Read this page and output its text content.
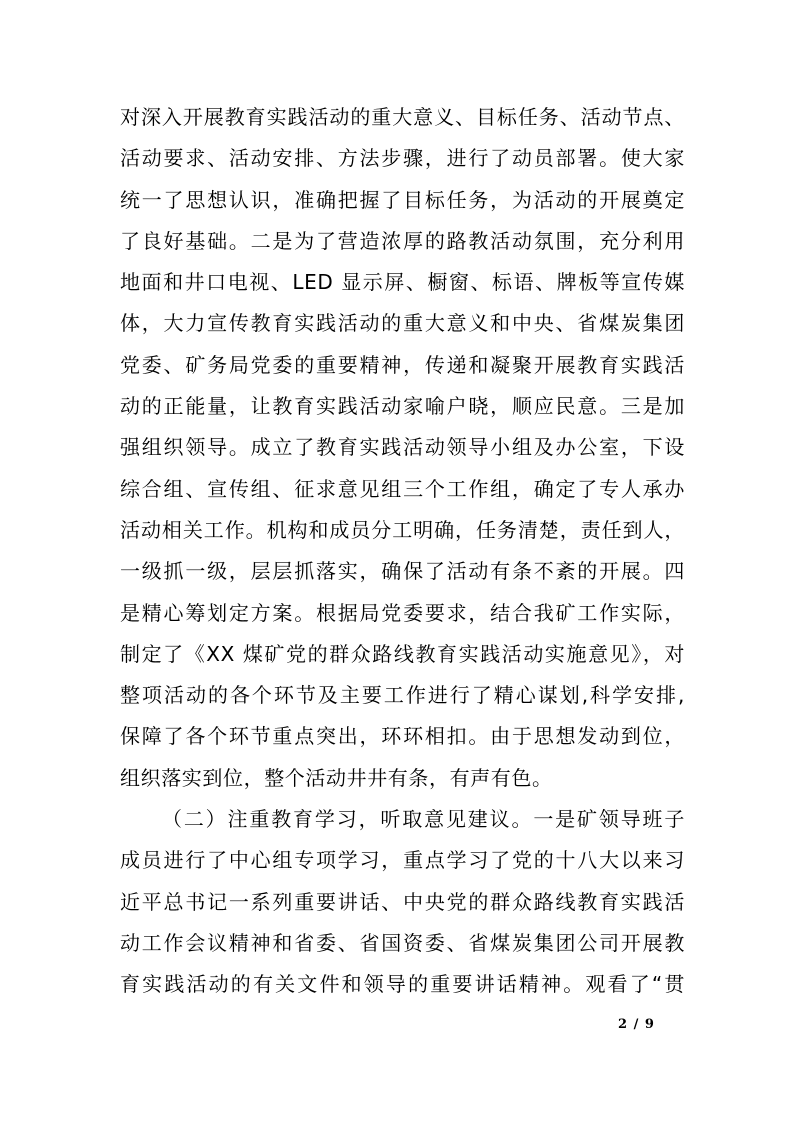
对深入开展教育实践活动的重大意义、目标任务、活动节点、
活动要求、活动安排、方法步骤，进行了动员部署。使大家
统一了思想认识，准确把握了目标任务，为活动的开展奠定
了良好基础。二是为了营造浓厚的路教活动氛围，充分利用
地面和井口电视、LED 显示屏、橱窗、标语、牌板等宣传媒
体，大力宣传教育实践活动的重大意义和中央、省煤炭集团
党委、矿务局党委的重要精神，传递和凝聚开展教育实践活
动的正能量，让教育实践活动家喻户晓，顺应民意。三是加
强组织领导。成立了教育实践活动领导小组及办公室，下设
综合组、宣传组、征求意见组三个工作组，确定了专人承办
活动相关工作。机构和成员分工明确，任务清楚，责任到人，
一级抓一级，层层抓落实，确保了活动有条不紊的开展。四
是精心筹划定方案。根据局党委要求，结合我矿工作实际，
制定了《XX 煤矿党的群众路线教育实践活动实施意见》，对
整项活动的各个环节及主要工作进行了精心谋划,科学安排,
保障了各个环节重点突出，环环相扣。由于思想发动到位，
组织落实到位，整个活动井井有条，有声有色。
（二）注重教育学习，听取意见建议。一是矿领导班子
成员进行了中心组专项学习，重点学习了党的十八大以来习
近平总书记一系列重要讲话、中央党的群众路线教育实践活
动工作会议精神和省委、省国资委、省煤炭集团公司开展教
育实践活动的有关文件和领导的重要讲话精神。观看了“贯
2 / 9
